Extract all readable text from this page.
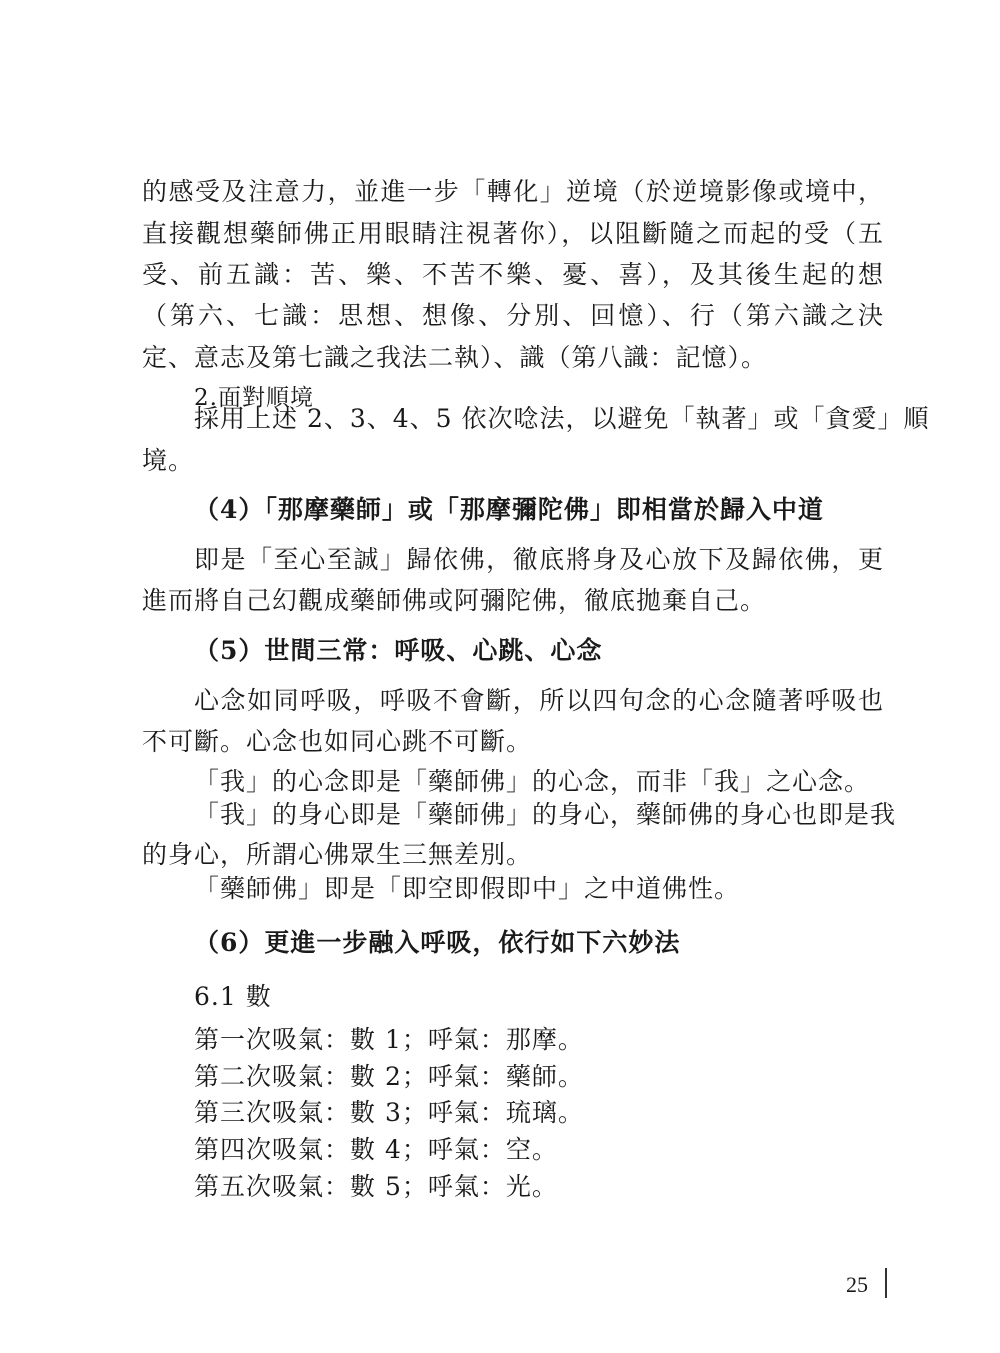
的感受及注意力，並進一步「轉化」逆境（於逆境影像或境中，
直接觀想藥師佛正用眼睛注視著你），以阻斷隨之而起的受（五
受、前五識：苦、樂、不苦不樂、憂、喜），及其後生起的想
（第六、七識：思想、想像、分別、回憶）、行（第六識之決
定、意志及第七識之我法二執）、識（第八識：記憶）。
2.面對順境
採用上述 2、3、4、5 依次唸法，以避免「執著」或「貪愛」順
境。
（4）「那摩藥師」或「那摩彌陀佛」即相當於歸入中道
即是「至心至誠」歸依佛，徹底將身及心放下及歸依佛，更
進而將自己幻觀成藥師佛或阿彌陀佛，徹底拋棄自己。
（5）世間三常：呼吸、心跳、心念
心念如同呼吸，呼吸不會斷，所以四句念的心念隨著呼吸也
不可斷。心念也如同心跳不可斷。
「我」的心念即是「藥師佛」的心念，而非「我」之心念。
「我」的身心即是「藥師佛」的身心，藥師佛的身心也即是我
的身心，所謂心佛眾生三無差別。
「藥師佛」即是「即空即假即中」之中道佛性。
（6）更進一步融入呼吸，依行如下六妙法
6.1 數
第一次吸氣：數 1；呼氣：那摩。
第二次吸氣：數 2；呼氣：藥師。
第三次吸氣：數 3；呼氣：琉璃。
第四次吸氣：數 4；呼氣：空。
第五次吸氣：數 5；呼氣：光。
25
